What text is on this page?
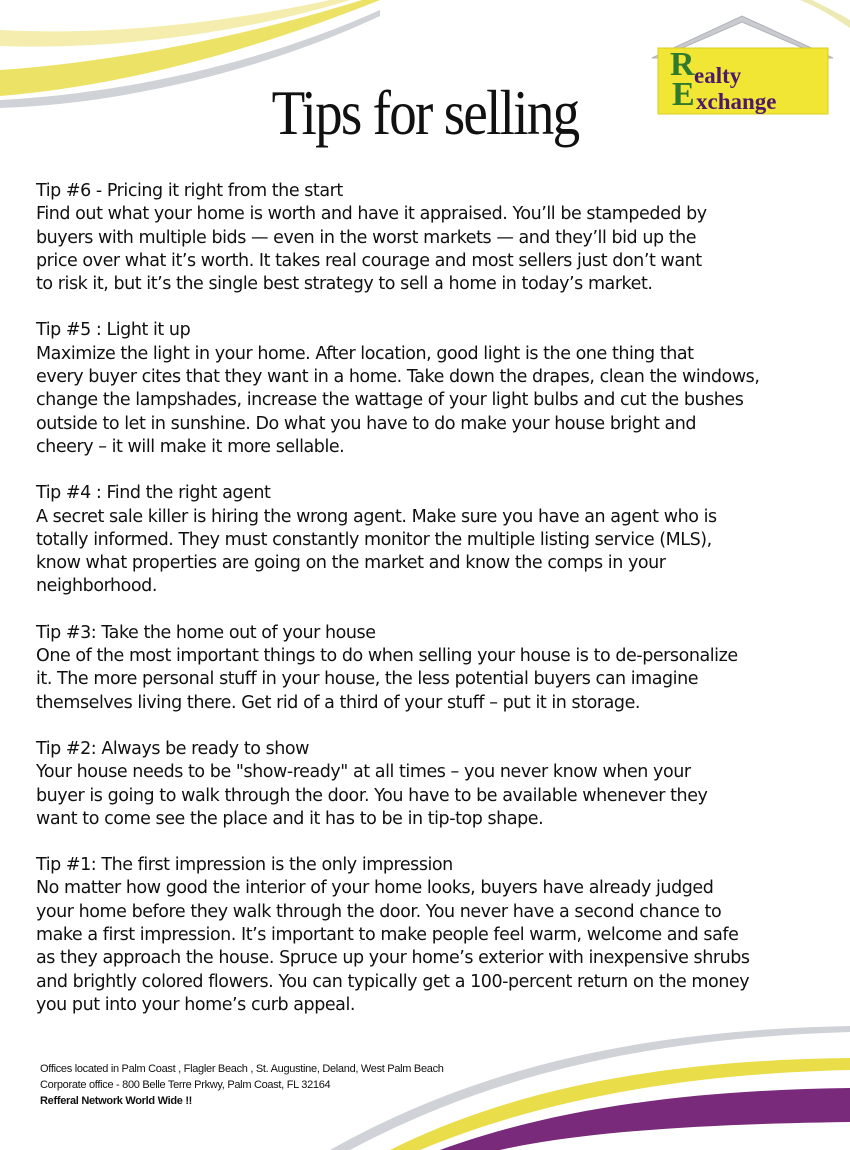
Tips for selling
R ealty
E xchange
Tip #6 - Pricing it right from the start
Find out what your home is worth and have it appraised. You’ll be stampeded by
buyers with multiple bids — even in the worst markets — and they’ll bid up the
price over what it’s worth. It takes real courage and most sellers just don’t want
to risk it, but it’s the single best strategy to sell a home in today’s market.
Tip #5 : Light it up
Maximize the light in your home. After location, good light is the one thing that
every buyer cites that they want in a home. Take down the drapes, clean the windows,
change the lampshades, increase the wattage of your light bulbs and cut the bushes
outside to let in sunshine. Do what you have to do make your house bright and
cheery – it will make it more sellable.
Tip #4 : Find the right agent
A secret sale killer is hiring the wrong agent. Make sure you have an agent who is
totally informed. They must constantly monitor the multiple listing service (MLS),
know what properties are going on the market and know the comps in your
neighborhood.
Tip #3: Take the home out of your house
One of the most important things to do when selling your house is to de-personalize
it. The more personal stuff in your house, the less potential buyers can imagine
themselves living there. Get rid of a third of your stuff – put it in storage.
Tip #2: Always be ready to show
Your house needs to be "show-ready" at all times – you never know when your
buyer is going to walk through the door. You have to be available whenever they
want to come see the place and it has to be in tip-top shape.
Tip #1: The first impression is the only impression
No matter how good the interior of your home looks, buyers have already judged
your home before they walk through the door. You never have a second chance to
make a first impression. It’s important to make people feel warm, welcome and safe
as they approach the house. Spruce up your home’s exterior with inexpensive shrubs
and brightly colored flowers. You can typically get a 100-percent return on the money
you put into your home’s curb appeal.
Offices located in Palm Coast , Flagler Beach , St. Augustine, Deland, West Palm Beach
Corporate office - 800 Belle Terre Prkwy, Palm Coast, FL 32164
Refferal Network World Wide !!
